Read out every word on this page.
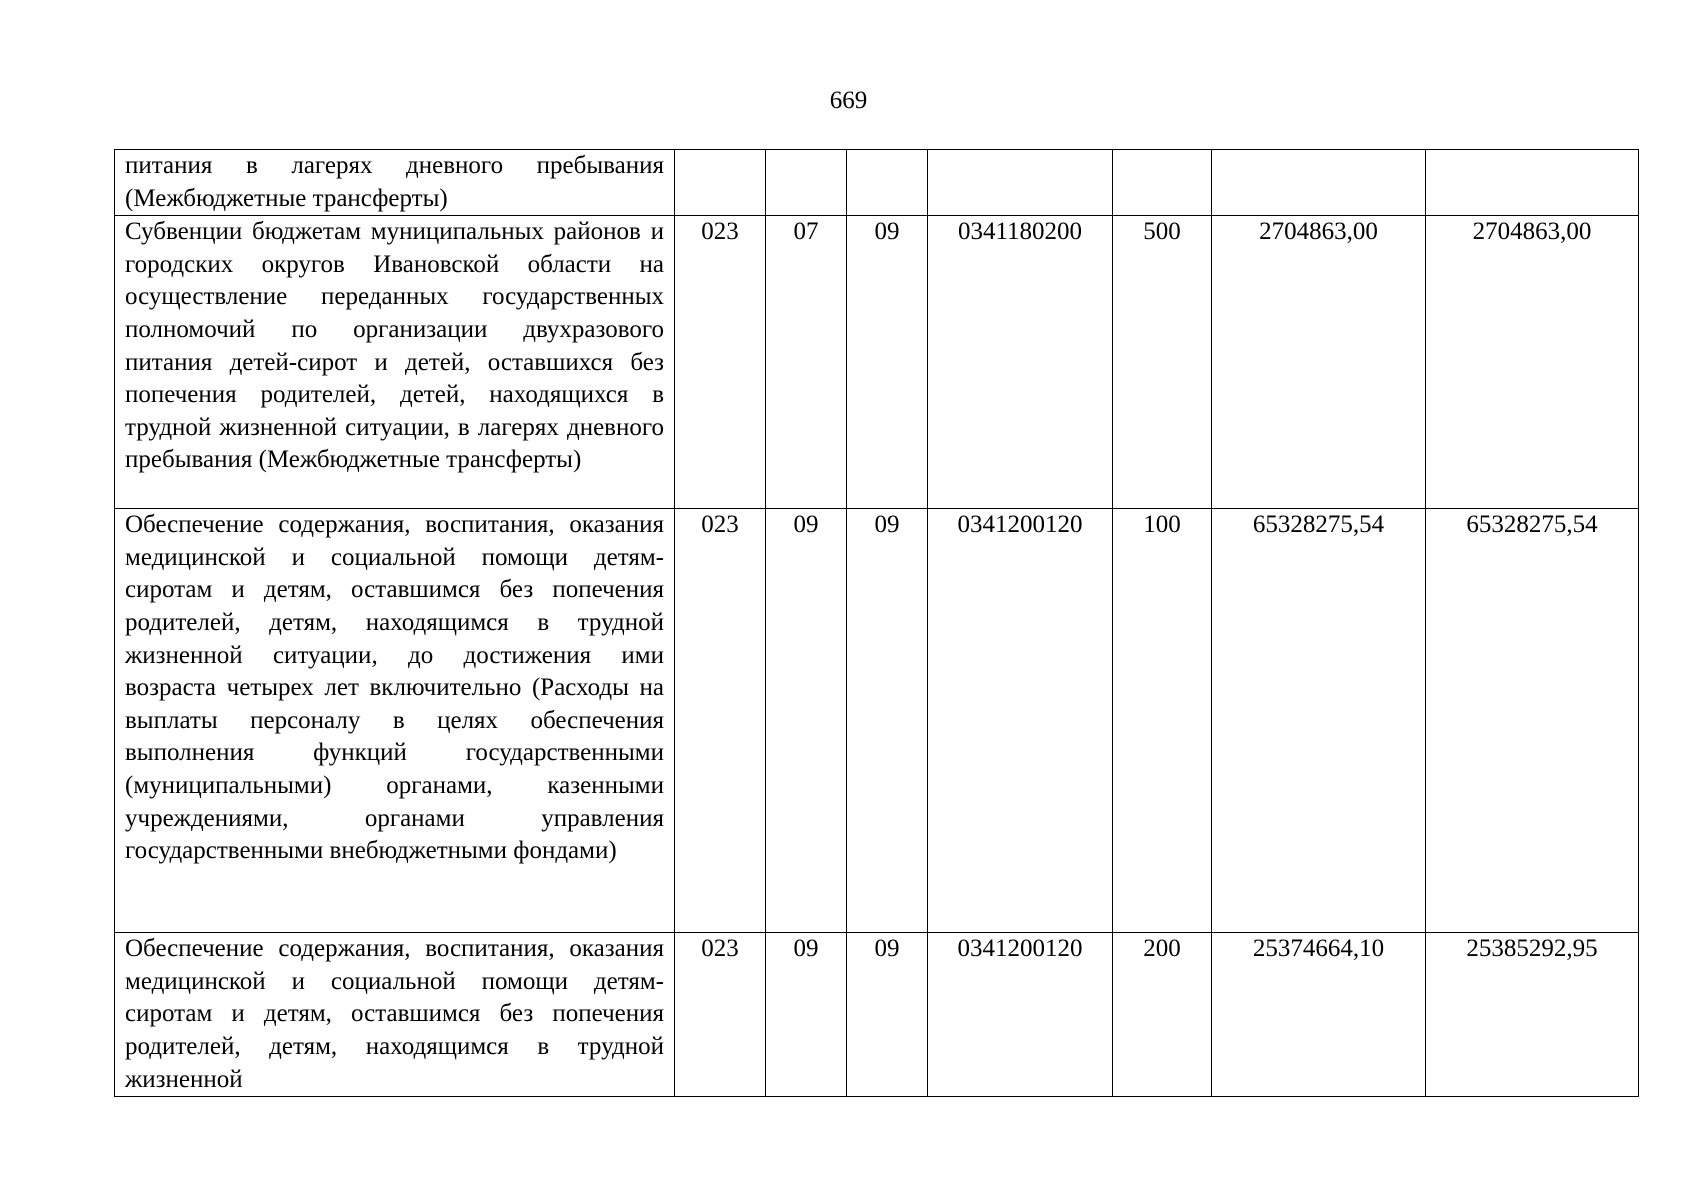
669
питания в лагерях дневного пребывания (Межбюджетные трансферты)							
Субвенции бюджетам муниципальных районов и городских округов Ивановской области на осуществление переданных государственных полномочий по организации двухразового питания детей-сирот и детей, оставшихся без попечения родителей, детей, находящихся в трудной жизненной ситуации, в лагерях дневного пребывания (Межбюджетные трансферты)	023	07	09	0341180200	500	2704863,00	2704863,00
Обеспечение содержания, воспитания, оказания медицинской и социальной помощи детям-сиротам и детям, оставшимся без попечения родителей, детям, находящимся в трудной жизненной ситуации, до достижения ими возраста четырех лет включительно (Расходы на выплаты персоналу в целях обеспечения выполнения функций государственными (муниципальными) органами, казенными учреждениями, органами управления государственными внебюджетными фондами)	023	09	09	0341200120	100	65328275,54	65328275,54
Обеспечение содержания, воспитания, оказания медицинской и социальной помощи детям-сиротам и детям, оставшимся без попечения родителей, детям, находящимся в трудной жизненной	023	09	09	0341200120	200	25374664,10	25385292,95
